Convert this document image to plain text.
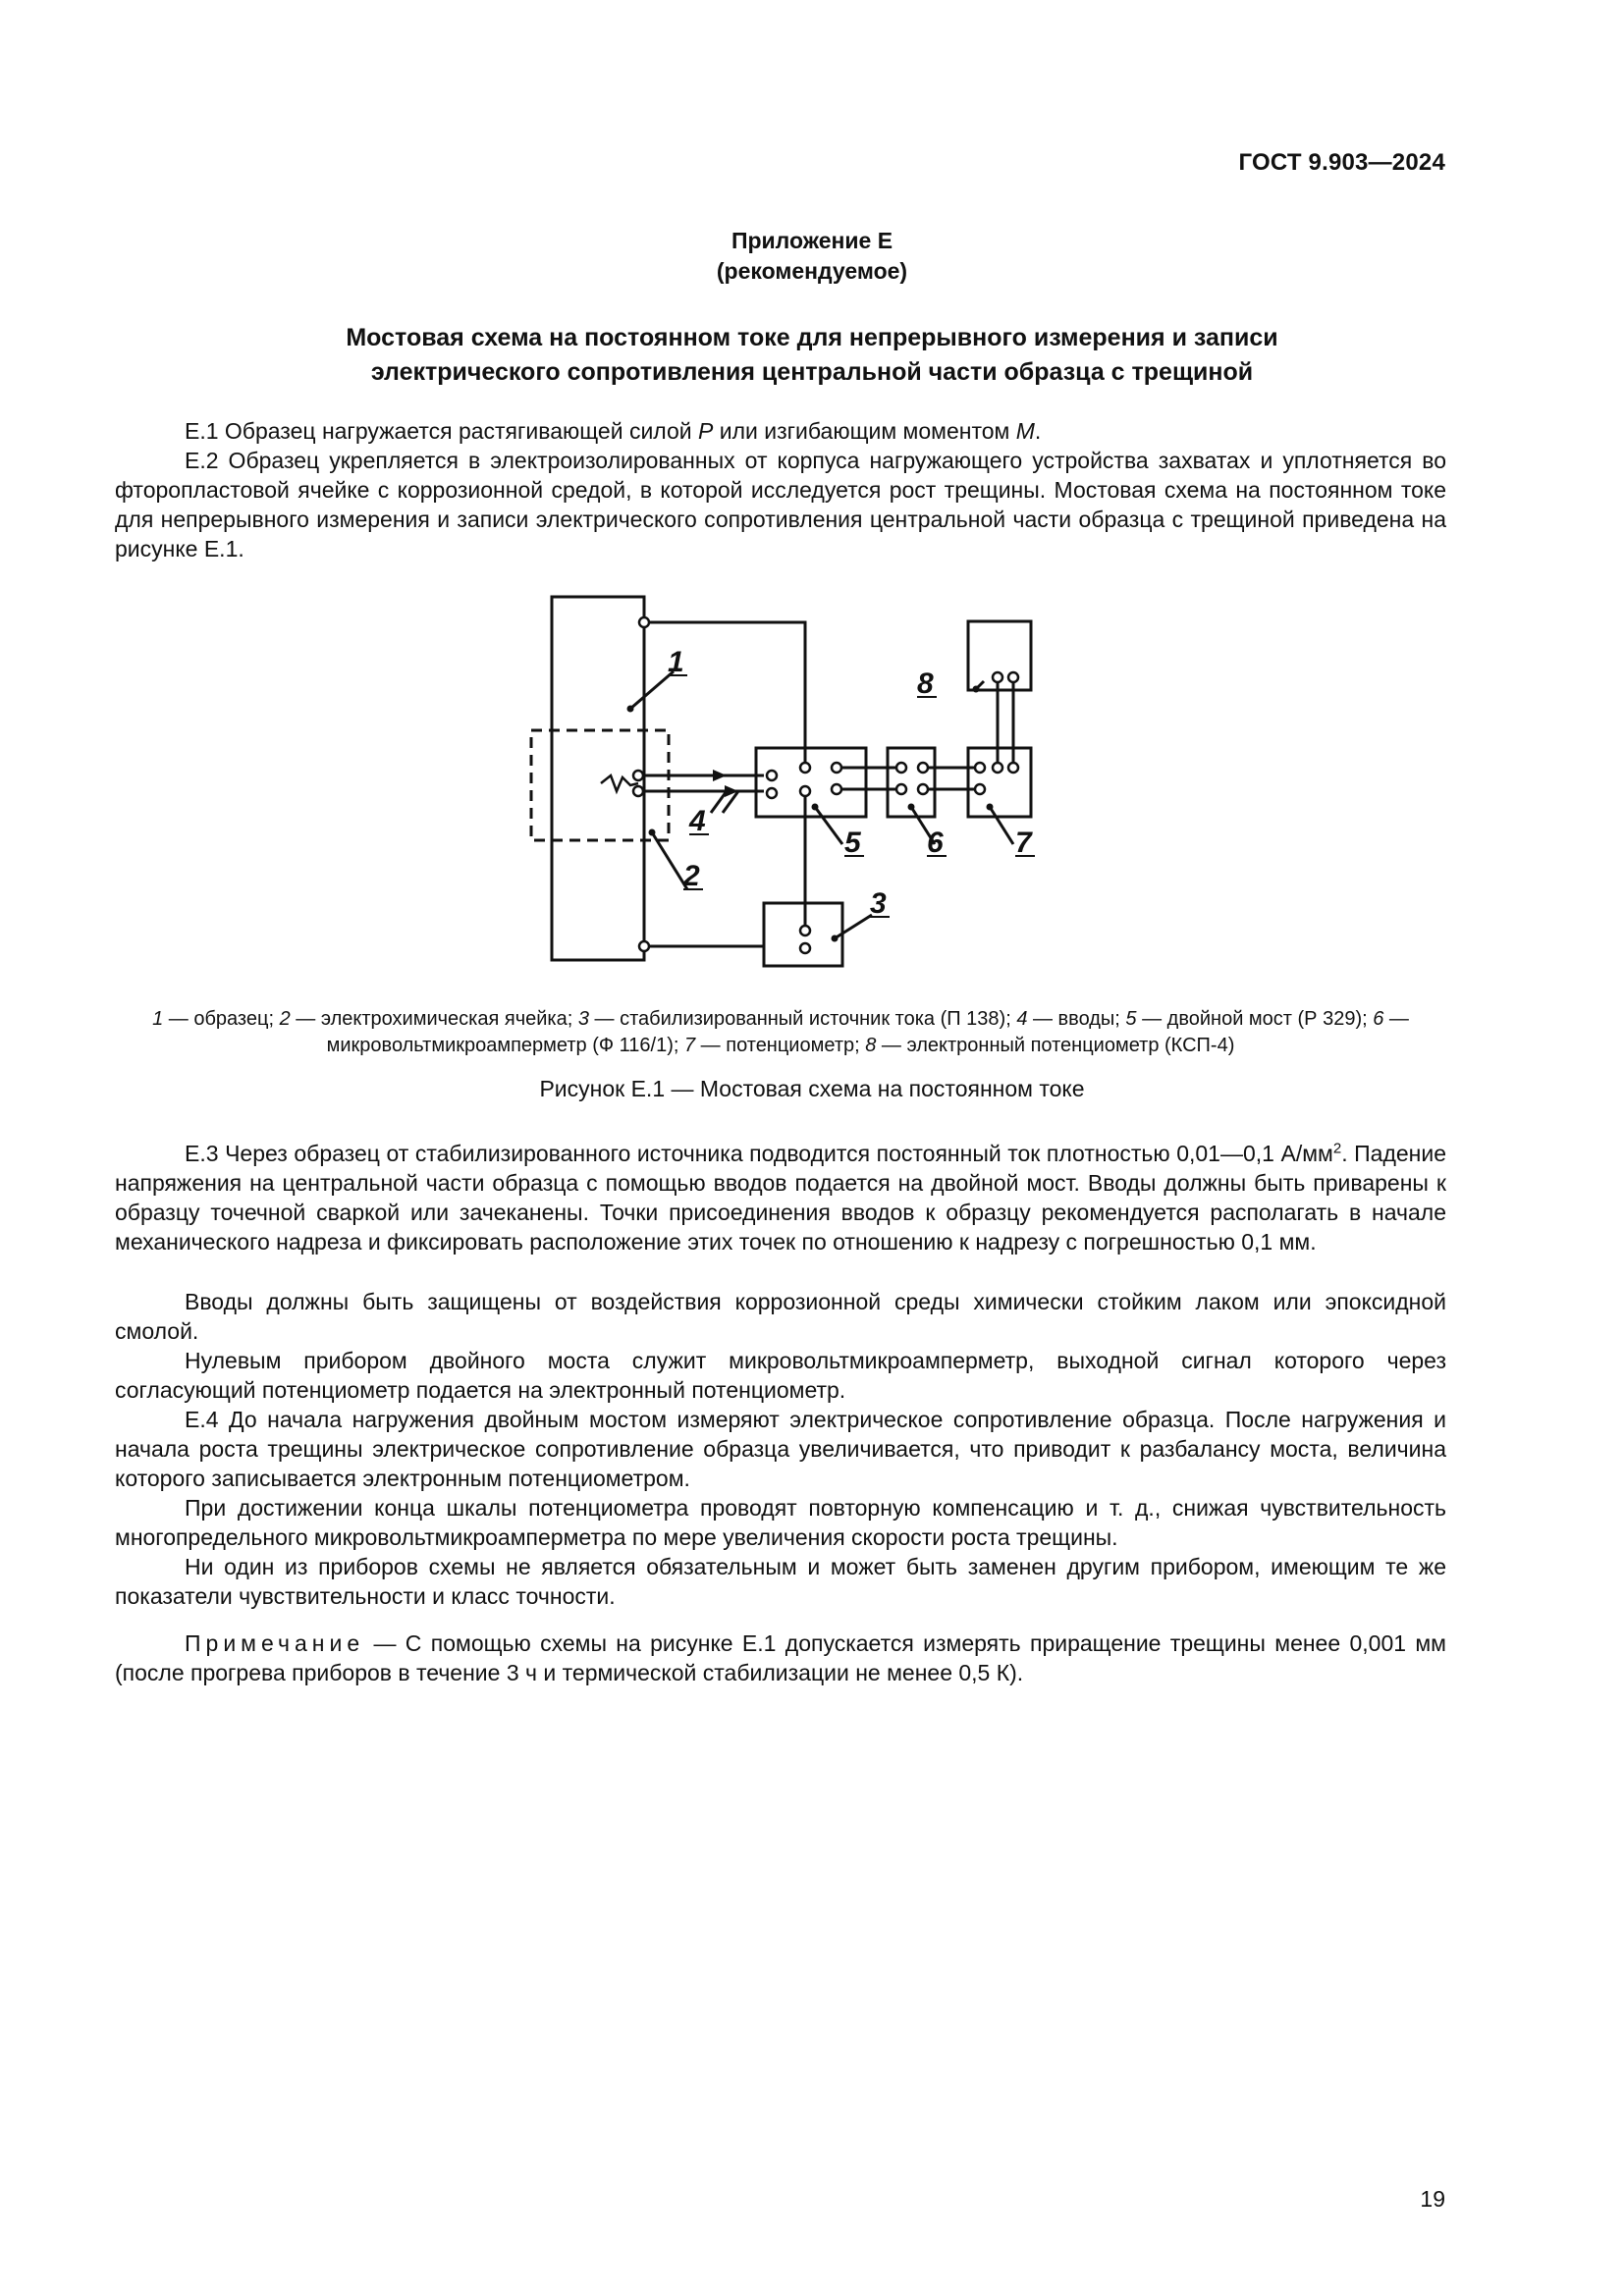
ГОСТ 9.903—2024
Приложение Е
(рекомендуемое)
Мостовая схема на постоянном токе для непрерывного измерения и записи
электрического сопротивления центральной части образца с трещиной
Е.1 Образец нагружается растягивающей силой P или изгибающим моментом M.
Е.2 Образец укрепляется в электроизолированных от корпуса нагружающего устройства захватах и уплотняется во фторопластовой ячейке с коррозионной средой, в которой исследуется рост трещины. Мостовая схема на постоянном токе для непрерывного измерения и записи электрического сопротивления центральной части образца с трещиной приведена на рисунке Е.1.
1
2
3
4
5 6 7
8
1 — образец; 2 — электрохимическая ячейка; 3 — стабилизированный источник тока (П 138); 4 — вводы; 5 — двойной мост (Р 329); 6 — микровольтмикроамперметр (Ф 116/1); 7 — потенциометр; 8 — электронный потенциометр (КСП-4)
Рисунок Е.1 — Мостовая схема на постоянном токе
Е.3 Через образец от стабилизированного источника подводится постоянный ток плотностью 0,01—0,1 $А/мм^2$. Падение напряжения на центральной части образца с помощью вводов подается на двойной мост. Вводы должны быть приварены к образцу точечной сваркой или зачеканены. Точки присоединения вводов к образцу рекомендуется располагать в начале механического надреза и фиксировать расположение этих точек по отношению к надрезу с погрешностью 0,1 мм.
Вводы должны быть защищены от воздействия коррозионной среды химически стойким лаком или эпоксидной смолой.
Нулевым прибором двойного моста служит микровольтмикроамперметр, выходной сигнал которого через согласующий потенциометр подается на электронный потенциометр.
Е.4 До начала нагружения двойным мостом измеряют электрическое сопротивление образца. После нагружения и начала роста трещины электрическое сопротивление образца увеличивается, что приводит к разбалансу моста, величина которого записывается электронным потенциометром.
При достижении конца шкалы потенциометра проводят повторную компенсацию и т. д., снижая чувствительность многопредельного микровольтмикроамперметра по мере увеличения скорости роста трещины.
Ни один из приборов схемы не является обязательным и может быть заменен другим прибором, имеющим те же показатели чувствительности и класс точности.
Примечание — С помощью схемы на рисунке Е.1 допускается измерять приращение трещины менее 0,001 мм (после прогрева приборов в течение 3 ч и термической стабилизации не менее 0,5 К).
19
